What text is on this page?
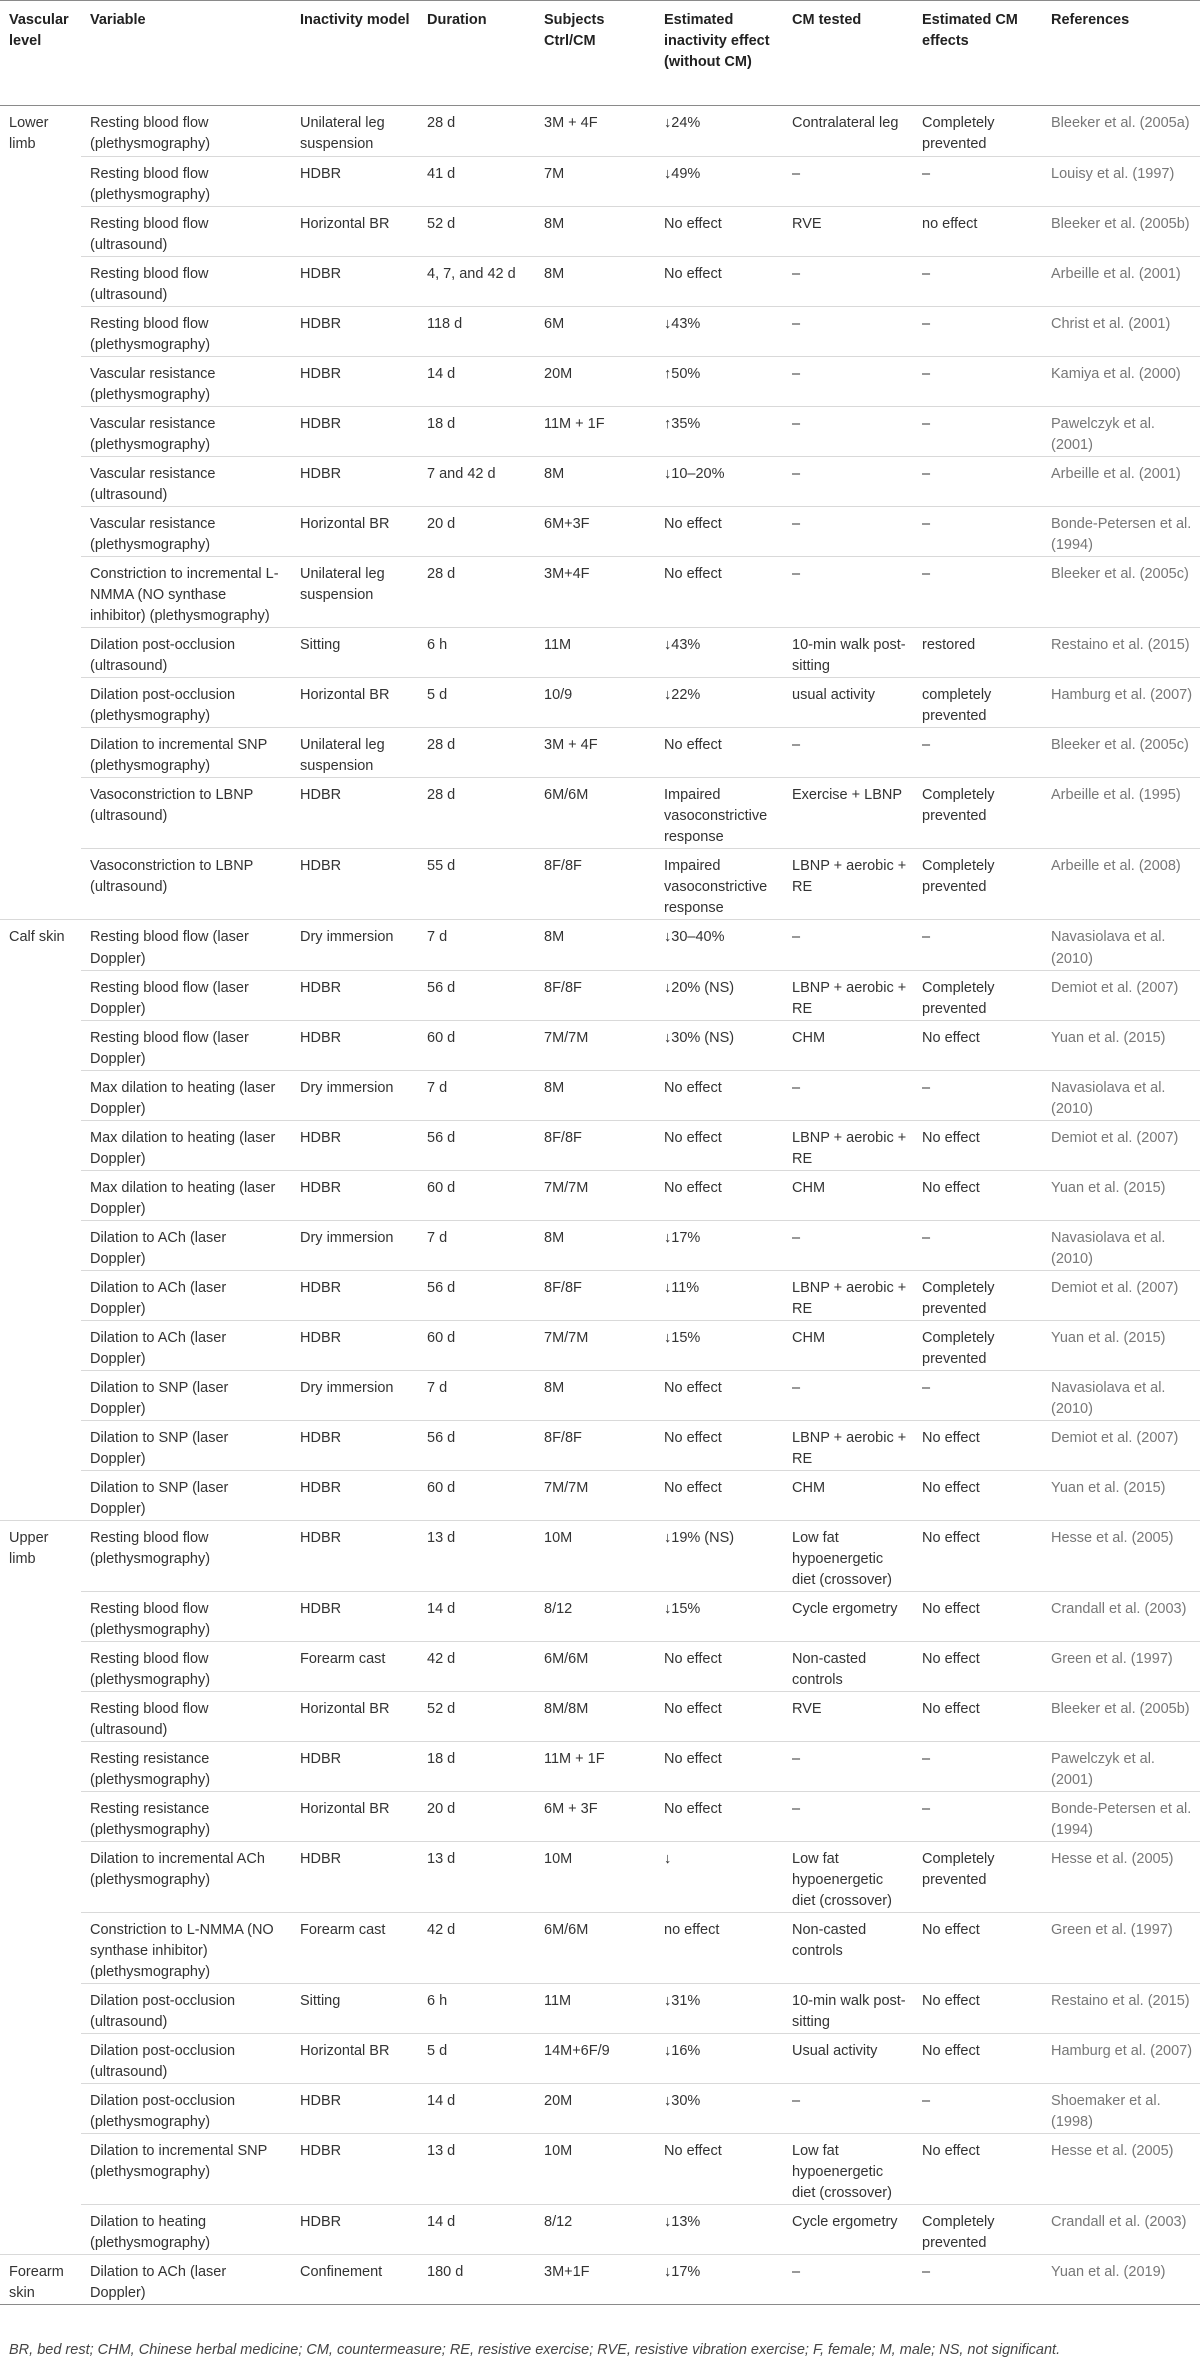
Vascular level	Variable	Inactivity model	Duration	Subjects Ctrl/CM	Estimated inactivity effect (without CM)	CM tested	Estimated CM effects	References
Lower limb	Resting blood flow (plethysmography)	Unilateral leg suspension	28 d	3M + 4F	↓24%	Contralateral leg	Completely prevented	Bleeker et al. (2005a)
	Resting blood flow (plethysmography)	HDBR	41 d	7M	↓49%	–	–	Louisy et al. (1997)
	Resting blood flow (ultrasound)	Horizontal BR	52 d	8M	No effect	RVE	no effect	Bleeker et al. (2005b)
	Resting blood flow (ultrasound)	HDBR	4, 7, and 42 d	8M	No effect	–	–	Arbeille et al. (2001)
	Resting blood flow (plethysmography)	HDBR	118 d	6M	↓43%	–	–	Christ et al. (2001)
	Vascular resistance (plethysmography)	HDBR	14 d	20M	↑50%	–	–	Kamiya et al. (2000)
	Vascular resistance (plethysmography)	HDBR	18 d	11M + 1F	↑35%	–	–	Pawelczyk et al. (2001)
	Vascular resistance (ultrasound)	HDBR	7 and 42 d	8M	↓10–20%	–	–	Arbeille et al. (2001)
	Vascular resistance (plethysmography)	Horizontal BR	20 d	6M+3F	No effect	–	–	Bonde-Petersen et al. (1994)
	Constriction to incremental L-NMMA (NO synthase inhibitor) (plethysmography)	Unilateral leg suspension	28 d	3M+4F	No effect	–	–	Bleeker et al. (2005c)
	Dilation post-occlusion (ultrasound)	Sitting	6 h	11M	↓43%	10-min walk post-sitting	restored	Restaino et al. (2015)
	Dilation post-occlusion (plethysmography)	Horizontal BR	5 d	10/9	↓22%	usual activity	completely prevented	Hamburg et al. (2007)
	Dilation to incremental SNP (plethysmography)	Unilateral leg suspension	28 d	3M + 4F	No effect	–	–	Bleeker et al. (2005c)
	Vasoconstriction to LBNP (ultrasound)	HDBR	28 d	6M/6M	Impaired vasoconstrictive response	Exercise + LBNP	Completely prevented	Arbeille et al. (1995)
	Vasoconstriction to LBNP (ultrasound)	HDBR	55 d	8F/8F	Impaired vasoconstrictive response	LBNP + aerobic + RE	Completely prevented	Arbeille et al. (2008)
Calf skin	Resting blood flow (laser Doppler)	Dry immersion	7 d	8M	↓30–40%	–	–	Navasiolava et al. (2010)
	Resting blood flow (laser Doppler)	HDBR	56 d	8F/8F	↓20% (NS)	LBNP + aerobic + RE	Completely prevented	Demiot et al. (2007)
	Resting blood flow (laser Doppler)	HDBR	60 d	7M/7M	↓30% (NS)	CHM	No effect	Yuan et al. (2015)
	Max dilation to heating (laser Doppler)	Dry immersion	7 d	8M	No effect	–	–	Navasiolava et al. (2010)
	Max dilation to heating (laser Doppler)	HDBR	56 d	8F/8F	No effect	LBNP + aerobic + RE	No effect	Demiot et al. (2007)
	Max dilation to heating (laser Doppler)	HDBR	60 d	7M/7M	No effect	CHM	No effect	Yuan et al. (2015)
	Dilation to ACh (laser Doppler)	Dry immersion	7 d	8M	↓17%	–	–	Navasiolava et al. (2010)
	Dilation to ACh (laser Doppler)	HDBR	56 d	8F/8F	↓11%	LBNP + aerobic + RE	Completely prevented	Demiot et al. (2007)
	Dilation to ACh (laser Doppler)	HDBR	60 d	7M/7M	↓15%	CHM	Completely prevented	Yuan et al. (2015)
	Dilation to SNP (laser Doppler)	Dry immersion	7 d	8M	No effect	–	–	Navasiolava et al. (2010)
	Dilation to SNP (laser Doppler)	HDBR	56 d	8F/8F	No effect	LBNP + aerobic + RE	No effect	Demiot et al. (2007)
	Dilation to SNP (laser Doppler)	HDBR	60 d	7M/7M	No effect	CHM	No effect	Yuan et al. (2015)
Upper limb	Resting blood flow (plethysmography)	HDBR	13 d	10M	↓19% (NS)	Low fat hypoenergetic diet (crossover)	No effect	Hesse et al. (2005)
	Resting blood flow (plethysmography)	HDBR	14 d	8/12	↓15%	Cycle ergometry	No effect	Crandall et al. (2003)
	Resting blood flow (plethysmography)	Forearm cast	42 d	6M/6M	No effect	Non-casted controls	No effect	Green et al. (1997)
	Resting blood flow (ultrasound)	Horizontal BR	52 d	8M/8M	No effect	RVE	No effect	Bleeker et al. (2005b)
	Resting resistance (plethysmography)	HDBR	18 d	11M + 1F	No effect	–	–	Pawelczyk et al. (2001)
	Resting resistance (plethysmography)	Horizontal BR	20 d	6M + 3F	No effect	–	–	Bonde-Petersen et al. (1994)
	Dilation to incremental ACh (plethysmography)	HDBR	13 d	10M	↓	Low fat hypoenergetic diet (crossover)	Completely prevented	Hesse et al. (2005)
	Constriction to L-NMMA (NO synthase inhibitor) (plethysmography)	Forearm cast	42 d	6M/6M	no effect	Non-casted controls	No effect	Green et al. (1997)
	Dilation post-occlusion (ultrasound)	Sitting	6 h	11M	↓31%	10-min walk post-sitting	No effect	Restaino et al. (2015)
	Dilation post-occlusion (ultrasound)	Horizontal BR	5 d	14M+6F/9	↓16%	Usual activity	No effect	Hamburg et al. (2007)
	Dilation post-occlusion (plethysmography)	HDBR	14 d	20M	↓30%	–	–	Shoemaker et al. (1998)
	Dilation to incremental SNP (plethysmography)	HDBR	13 d	10M	No effect	Low fat hypoenergetic diet (crossover)	No effect	Hesse et al. (2005)
	Dilation to heating (plethysmography)	HDBR	14 d	8/12	↓13%	Cycle ergometry	Completely prevented	Crandall et al. (2003)
Forearm skin	Dilation to ACh (laser Doppler)	Confinement	180 d	3M+1F	↓17%	–	–	Yuan et al. (2019)
BR, bed rest; CHM, Chinese herbal medicine; CM, countermeasure; RE, resistive exercise; RVE, resistive vibration exercise; F, female; M, male; NS, not significant.
